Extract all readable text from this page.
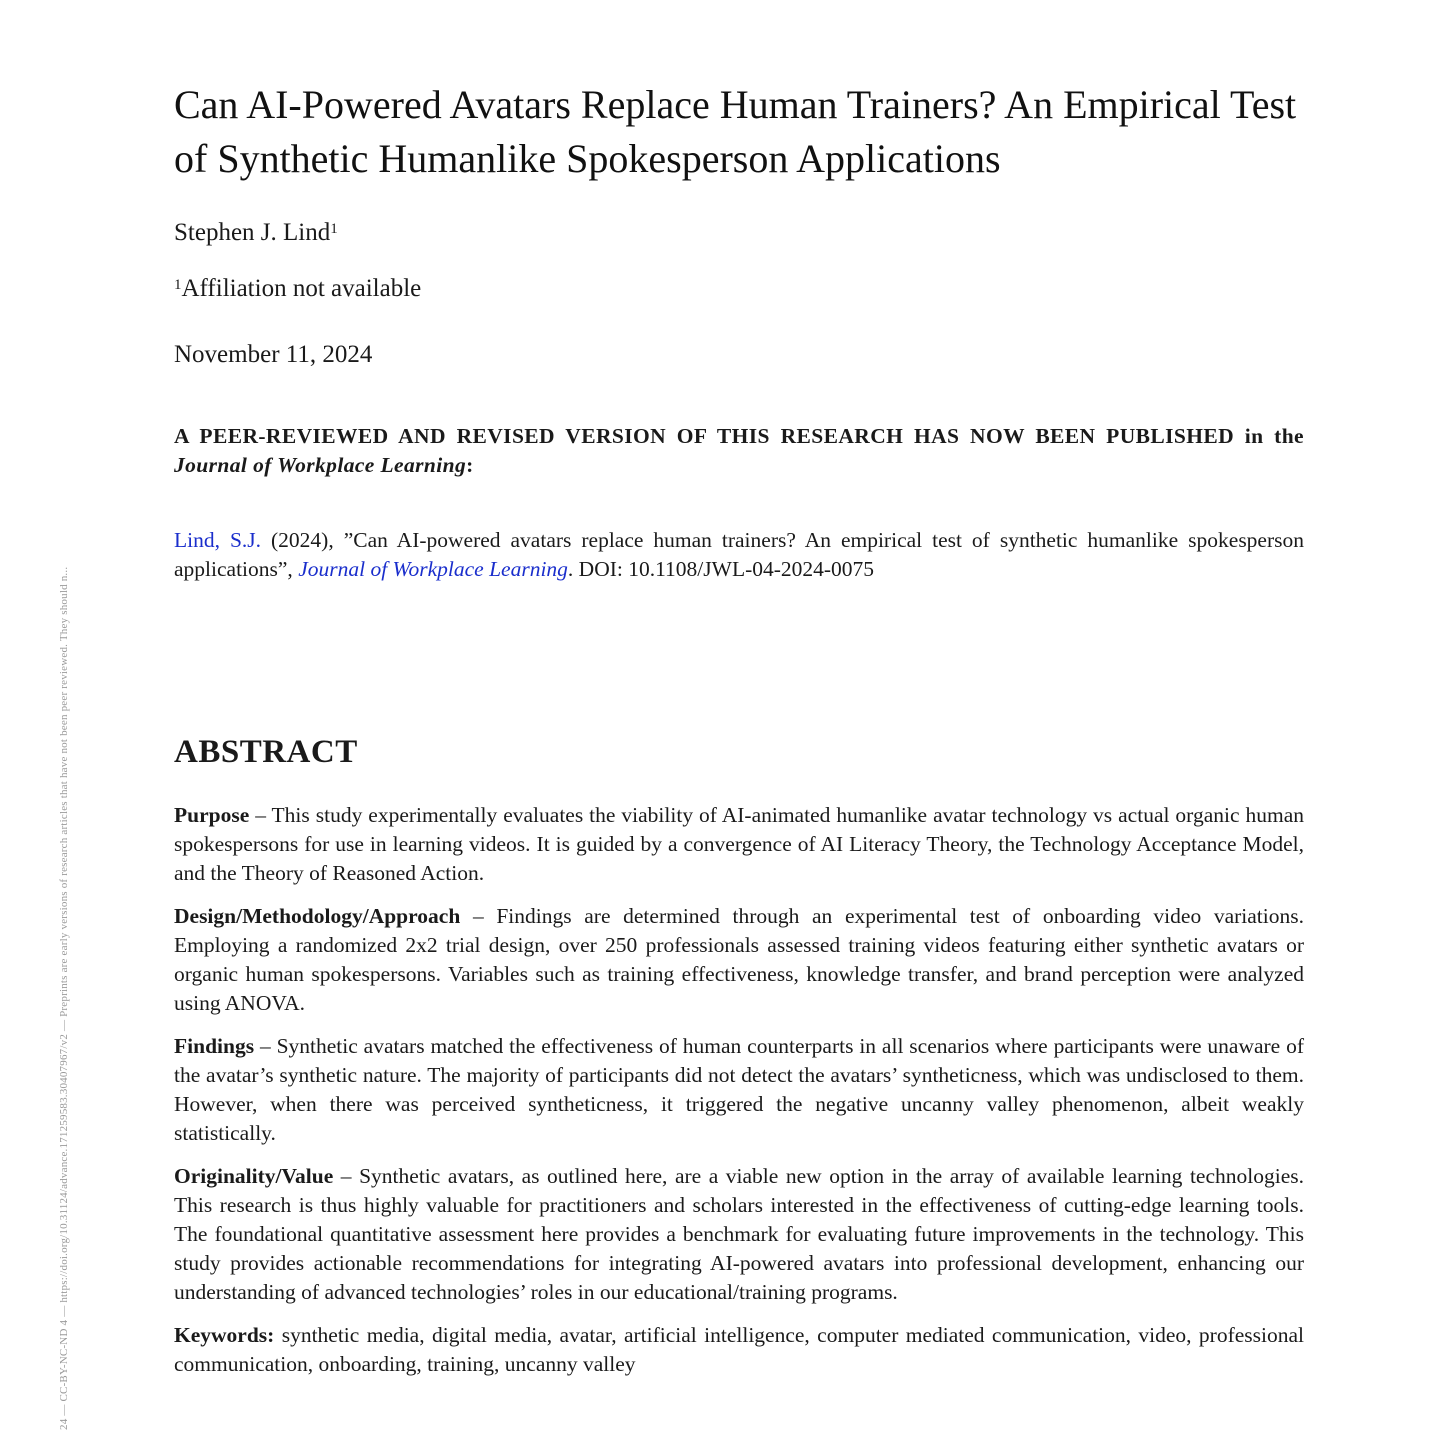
24 — CC-BY-NC-ND 4 — https://doi.org/10.31124/advance.171259583.30407967/v2 — Preprints are early versions of research articles that have not been peer reviewed. They should n...
Can AI-Powered Avatars Replace Human Trainers? An Empirical Test of Synthetic Humanlike Spokesperson Applications
Stephen J. Lind$^1$
$^1$Affiliation not available
November 11, 2024
A PEER-REVIEWED AND REVISED VERSION OF THIS RESEARCH HAS NOW BEEN PUBLISHED in the Journal of Workplace Learning:
Lind, S.J. (2024), ”Can AI-powered avatars replace human trainers? An empirical test of synthetic humanlike spokesperson applications”, Journal of Workplace Learning. DOI: 10.1108/JWL-04-2024-0075
ABSTRACT
Purpose – This study experimentally evaluates the viability of AI-animated humanlike avatar technology vs actual organic human spokespersons for use in learning videos. It is guided by a convergence of AI Literacy Theory, the Technology Acceptance Model, and the Theory of Reasoned Action.
Design/Methodology/Approach – Findings are determined through an experimental test of onboarding video variations. Employing a randomized 2x2 trial design, over 250 professionals assessed training videos featuring either synthetic avatars or organic human spokespersons. Variables such as training effectiveness, knowledge transfer, and brand perception were analyzed using ANOVA.
Findings – Synthetic avatars matched the effectiveness of human counterparts in all scenarios where participants were unaware of the avatar’s synthetic nature. The majority of participants did not detect the avatars’ syntheticness, which was undisclosed to them. However, when there was perceived syntheticness, it triggered the negative uncanny valley phenomenon, albeit weakly statistically.
Originality/Value – Synthetic avatars, as outlined here, are a viable new option in the array of available learning technologies. This research is thus highly valuable for practitioners and scholars interested in the effectiveness of cutting-edge learning tools. The foundational quantitative assessment here provides a benchmark for evaluating future improvements in the technology. This study provides actionable recommendations for integrating AI-powered avatars into professional development, enhancing our understanding of advanced technologies’ roles in our educational/training programs.
Keywords: synthetic media, digital media, avatar, artificial intelligence, computer mediated communication, video, professional communication, onboarding, training, uncanny valley
